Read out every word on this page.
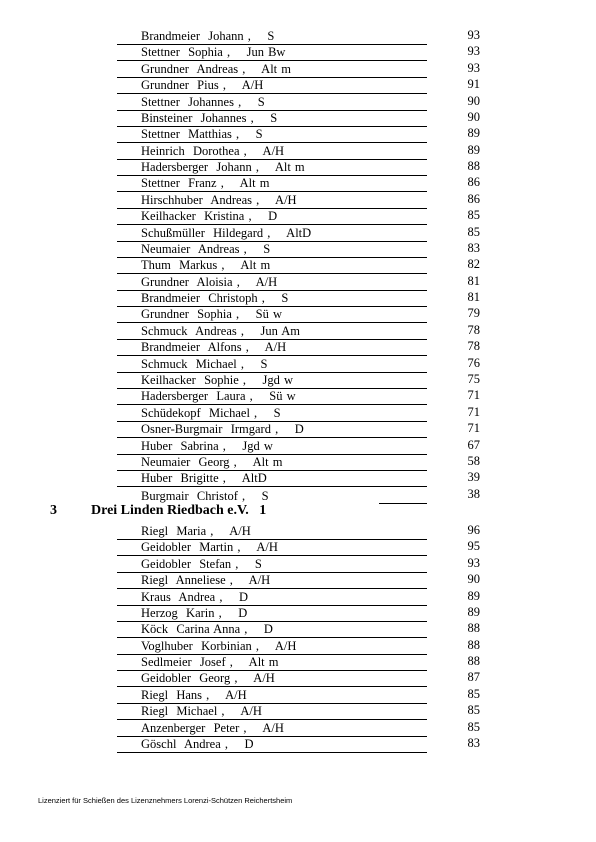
Brandmeier  Johann ,    S	93
Stettner  Sophia ,    Jun Bw	93
Grundner  Andreas ,    Alt m	93
Grundner  Pius ,    A/H	91
Stettner  Johannes ,    S	90
Binsteiner  Johannes ,    S	90
Stettner  Matthias ,    S	89
Heinrich  Dorothea ,    A/H	89
Hadersberger  Johann ,    Alt m	88
Stettner  Franz ,    Alt m	86
Hirschhuber  Andreas ,    A/H	86
Keilhacker  Kristina ,    D	85
Schußmüller  Hildegard ,    AltD	85
Neumaier  Andreas ,    S	83
Thum  Markus ,    Alt m	82
Grundner  Aloisia ,    A/H	81
Brandmeier  Christoph ,    S	81
Grundner  Sophia ,    Sü w	79
Schmuck  Andreas ,    Jun Am	78
Brandmeier  Alfons ,    A/H	78
Schmuck  Michael ,    S	76
Keilhacker  Sophie ,    Jgd w	75
Hadersberger  Laura ,    Sü w	71
Schüdekopf  Michael ,    S	71
Osner-Burgmair  Irmgard ,    D	71
Huber  Sabrina ,    Jgd w	67
Neumaier  Georg ,    Alt m	58
Huber  Brigitte ,    AltD	39
Burgmair  Christof ,    S	38
3 Drei Linden Riedbach e.V.   1
Riegl  Maria ,    A/H	96
Geidobler  Martin ,    A/H	95
Geidobler  Stefan ,    S	93
Riegl  Anneliese ,    A/H	90
Kraus  Andrea ,    D	89
Herzog  Karin ,    D	89
Köck  Carina Anna ,    D	88
Voglhuber  Korbinian ,    A/H	88
Sedlmeier  Josef ,    Alt m	88
Geidobler  Georg ,    A/H	87
Riegl  Hans ,    A/H	85
Riegl  Michael ,    A/H	85
Anzenberger  Peter ,    A/H	85
Göschl  Andrea ,    D	83
Lizenziert für Schießen des Lizenznehmers Lorenzi-Schützen Reichertsheim
